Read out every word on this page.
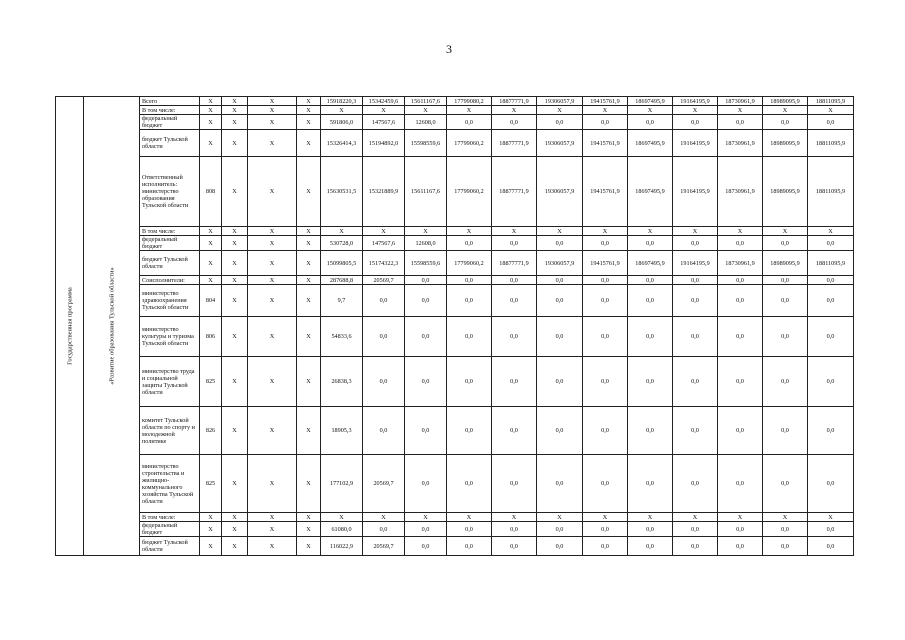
3
Государственная программа	«Развитие образования Тульской области»	Всего	X	X	X	X	15918220,3	15342459,6	15611167,6	17799080,2	18877771,9	19306057,9	19415761,9	18697495,9	19164195,9	18730961,9	18989095,9	18811095,9
		В том числе:	X	X	X	X	X	X	X	X	X	X	X	X	X	X	X	X
		федеральный бюджет	X	X	X	X	591806,0	147567,6	12608,0	0,0	0,0	0,0	0,0	0,0	0,0	0,0	0,0	0,0
		бюджет Тульской области	X	X	X	X	15326414,3	15194892,0	15598559,6	17799060,2	18877771,9	19306057,9	19415761,9	18697495,9	19164195,9	18730961,9	18989095,9	18811095,9
		Ответственный исполнитель: министерство образования Тульской области	808	X	X	X	15630531,5	15321889,9	15611167,6	17799060,2	18877771,9	19306057,9	19415761,9	18697495,9	19164195,9	18730961,9	18989095,9	18811095,9
		В том числе:	X	X	X	X	X	X	X	X	X	X	X	X	X	X	X	X
		федеральный бюджет	X	X	X	X	530728,0	147567,6	12608,0	0,0	0,0	0,0	0,0	0,0	0,0	0,0	0,0	0,0
		бюджет Тульской области	X	X	X	X	15099805,5	15174322,3	15598559,6	17799060,2	18877771,9	19306057,9	19415761,9	18697495,9	19164195,9	18730961,9	18989095,9	18811095,9
		Соисполнители:	X	X	X	X	287688,8	20569,7	0,0	0,0	0,0	0,0	0,0	0,0	0,0	0,0	0,0	0,0
		министерство здравоохранения Тульской области	804	X	X	X	9,7	0,0	0,0	0,0	0,0	0,0	0,0	0,0	0,0	0,0	0,0	0,0
		министерство культуры и туризма Тульской области	806	X	X	X	54833,6	0,0	0,0	0,0	0,0	0,0	0,0	0,0	0,0	0,0	0,0	0,0
		министерство труда и социальной защиты Тульской области	825	X	X	X	26838,3	0,0	0,0	0,0	0,0	0,0	0,0	0,0	0,0	0,0	0,0	0,0
		комитет Тульской области по спорту и молодежной политике	826	X	X	X	18905,3	0,0	0,0	0,0	0,0	0,0	0,0	0,0	0,0	0,0	0,0	0,0
		министерство строительства и жилищно-коммунального хозяйства Тульской области	825	X	X	X	177102,9	20569,7	0,0	0,0	0,0	0,0	0,0	0,0	0,0	0,0	0,0	0,0
		В том числе:	X	X	X	X	X	X	X	X	X	X	X	X	X	X	X	X
		федеральный бюджет	X	X	X	X	61080,0	0,0	0,0	0,0	0,0	0,0	0,0	0,0	0,0	0,0	0,0	0,0
		бюджет Тульской области	X	X	X	X	116022,9	20569,7	0,0	0,0	0,0	0,0	0,0	0,0	0,0	0,0	0,0	0,0
